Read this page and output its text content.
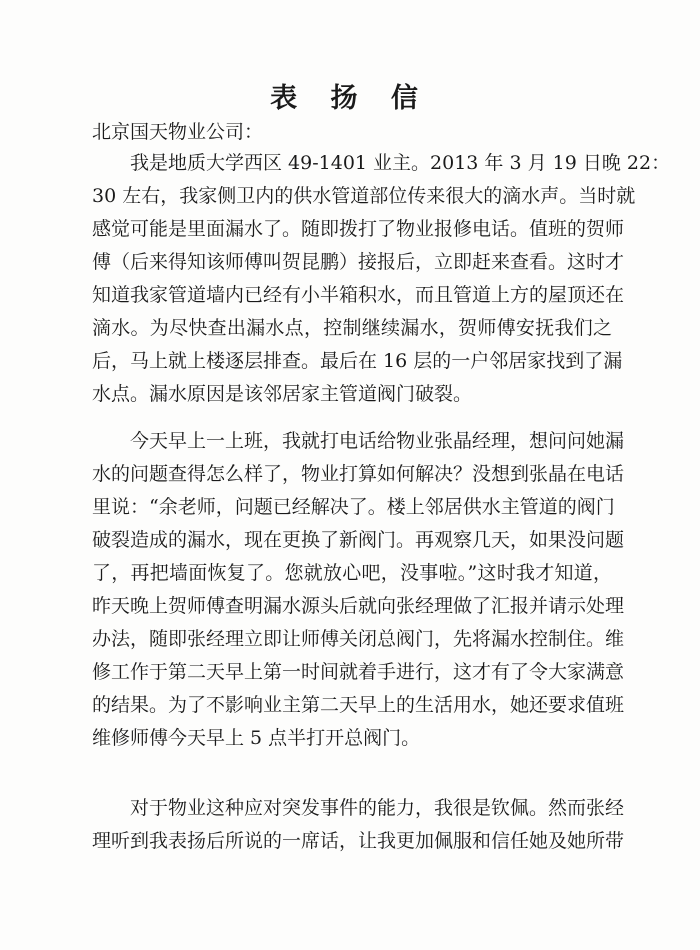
表 扬 信

北京国天物业公司：

我是地质大学西区 49-1401 业主。2013 年 3 月 19 日晚 22：
30 左右，我家侧卫内的供水管道部位传来很大的滴水声。当时就
感觉可能是里面漏水了。随即拨打了物业报修电话。值班的贺师
傅（后来得知该师傅叫贺昆鹏）接报后，立即赶来查看。这时才
知道我家管道墙内已经有小半箱积水，而且管道上方的屋顶还在
滴水。为尽快查出漏水点，控制继续漏水，贺师傅安抚我们之
后，马上就上楼逐层排查。最后在 16 层的一户邻居家找到了漏
水点。漏水原因是该邻居家主管道阀门破裂。
今天早上一上班，我就打电话给物业张晶经理，想问问她漏
水的问题查得怎么样了，物业打算如何解决？没想到张晶在电话
里说：“余老师，问题已经解决了。楼上邻居供水主管道的阀门
破裂造成的漏水，现在更换了新阀门。再观察几天，如果没问题
了，再把墙面恢复了。您就放心吧，没事啦。”这时我才知道，
昨天晚上贺师傅查明漏水源头后就向张经理做了汇报并请示处理
办法，随即张经理立即让师傅关闭总阀门，先将漏水控制住。维
修工作于第二天早上第一时间就着手进行，这才有了令大家满意
的结果。为了不影响业主第二天早上的生活用水，她还要求值班
维修师傅今天早上 5 点半打开总阀门。
对于物业这种应对突发事件的能力，我很是钦佩。然而张经
理听到我表扬后所说的一席话，让我更加佩服和信任她及她所带
